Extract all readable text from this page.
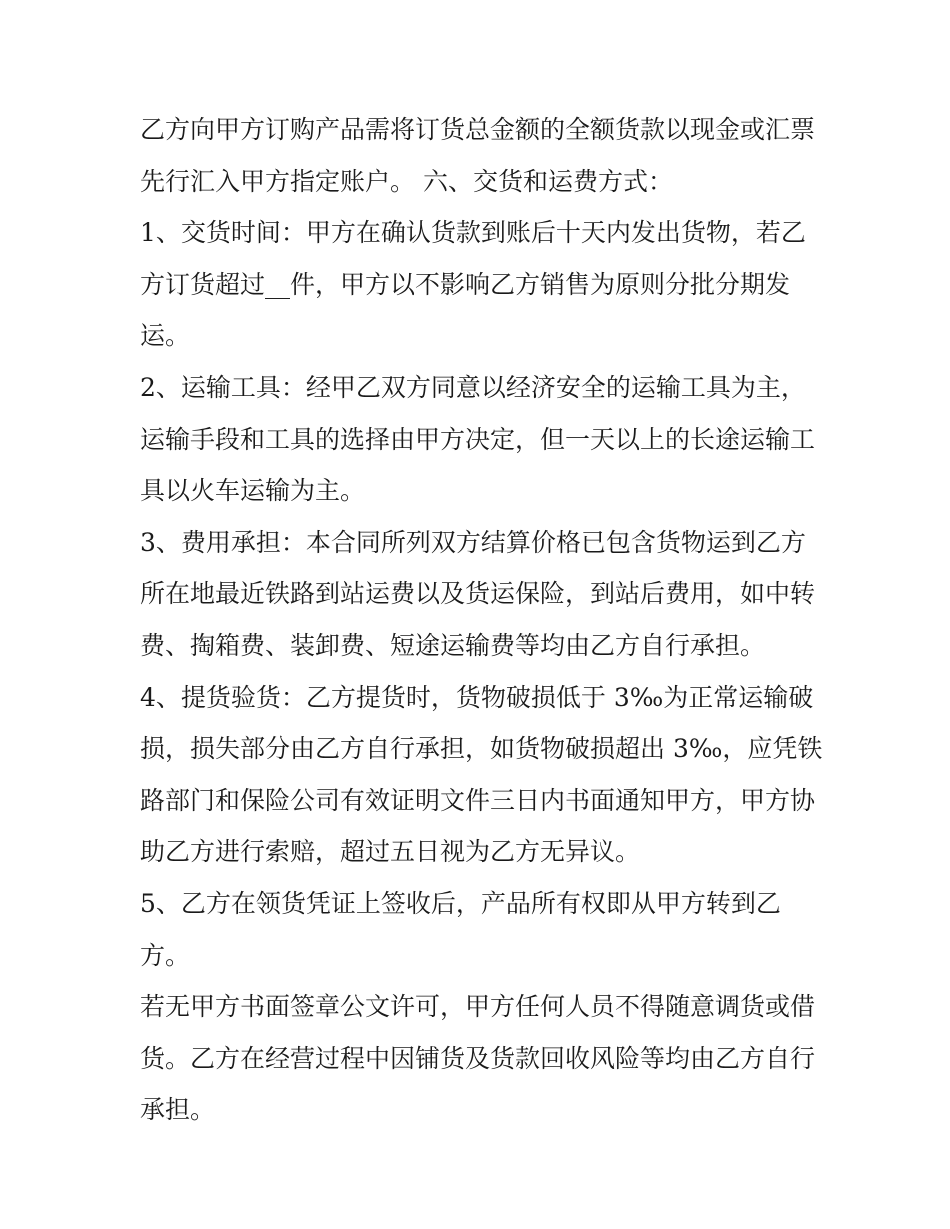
乙方向甲方订购产品需将订货总金额的全额货款以现金或汇票
先行汇入甲方指定账户。 六、交货和运费方式：
1、交货时间：甲方在确认货款到账后十天内发出货物，若乙
方订货超过__件，甲方以不影响乙方销售为原则分批分期发
运。
2、运输工具：经甲乙双方同意以经济安全的运输工具为主，
运输手段和工具的选择由甲方决定，但一天以上的长途运输工
具以火车运输为主。
3、费用承担：本合同所列双方结算价格已包含货物运到乙方
所在地最近铁路到站运费以及货运保险，到站后费用，如中转
费、掏箱费、装卸费、短途运输费等均由乙方自行承担。
4、提货验货：乙方提货时，货物破损低于 3‰为正常运输破
损，损失部分由乙方自行承担，如货物破损超出 3‰，应凭铁
路部门和保险公司有效证明文件三日内书面通知甲方，甲方协
助乙方进行索赔，超过五日视为乙方无异议。
5、乙方在领货凭证上签收后，产品所有权即从甲方转到乙
方。
若无甲方书面签章公文许可，甲方任何人员不得随意调货或借
货。乙方在经营过程中因铺货及货款回收风险等均由乙方自行
承担。
